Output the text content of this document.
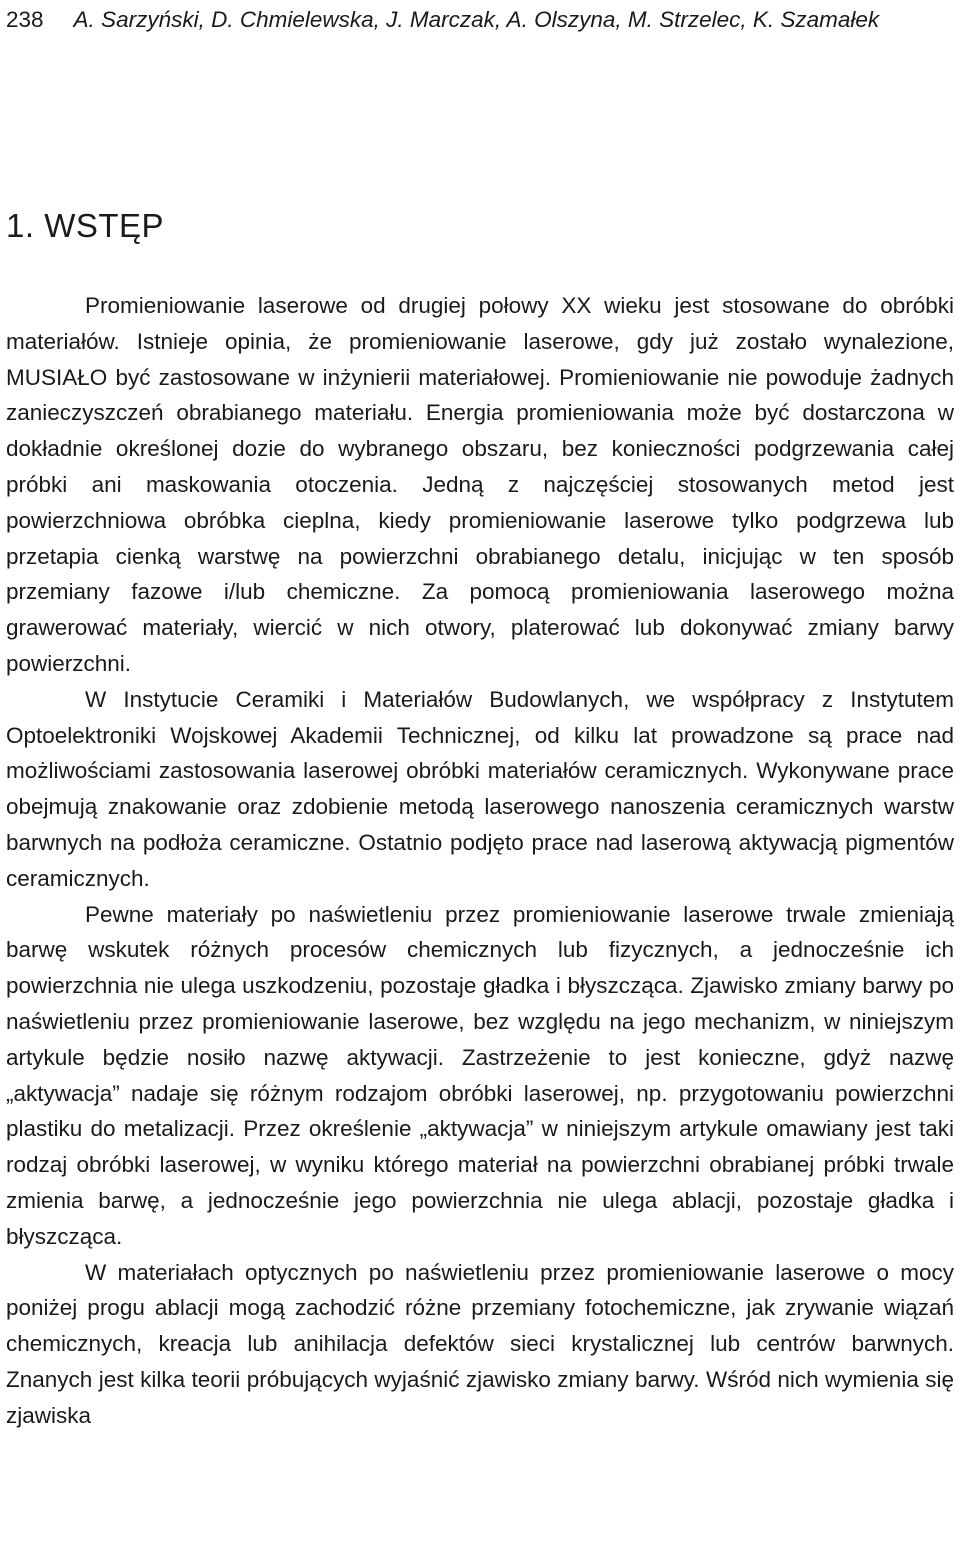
238 A. Sarzyński, D. Chmielewska, J. Marczak, A. Olszyna, M. Strzelec, K. Szamałek
1. WSTĘP

Promieniowanie laserowe od drugiej połowy XX wieku jest stosowane do obróbki materiałów. Istnieje opinia, że promieniowanie laserowe, gdy już zostało wynalezione, MUSIAŁO być zastosowane w inżynierii materiałowej. Promieniowanie nie powoduje żadnych zanieczyszczeń obrabianego materiału. Energia promieniowania może być dostarczona w dokładnie określonej dozie do wybranego obszaru, bez konieczności podgrzewania całej próbki ani maskowania otoczenia. Jedną z najczęściej stosowanych metod jest powierzchniowa obróbka cieplna, kiedy promieniowanie laserowe tylko podgrzewa lub przetapia cienką warstwę na powierzchni obrabianego detalu, inicjując w ten sposób przemiany fazowe i/lub chemiczne. Za pomocą promieniowania laserowego można grawerować materiały, wiercić w nich otwory, platerować lub dokonywać zmiany barwy powierzchni.

W Instytucie Ceramiki i Materiałów Budowlanych, we współpracy z Instytutem Optoelektroniki Wojskowej Akademii Technicznej, od kilku lat prowadzone są prace nad możliwościami zastosowania laserowej obróbki materiałów ceramicznych. Wykonywane prace obejmują znakowanie oraz zdobienie metodą laserowego nanoszenia ceramicznych warstw barwnych na podłoża ceramiczne. Ostatnio podjęto prace nad laserową aktywacją pigmentów ceramicznych.

Pewne materiały po naświetleniu przez promieniowanie laserowe trwale zmieniają barwę wskutek różnych procesów chemicznych lub fizycznych, a jednocześnie ich powierzchnia nie ulega uszkodzeniu, pozostaje gładka i błyszcząca. Zjawisko zmiany barwy po naświetleniu przez promieniowanie laserowe, bez względu na jego mechanizm, w niniejszym artykule będzie nosiło nazwę aktywacji. Zastrzeżenie to jest konieczne, gdyż nazwę „aktywacja” nadaje się różnym rodzajom obróbki laserowej, np. przygotowaniu powierzchni plastiku do metalizacji. Przez określenie „aktywacja” w niniejszym artykule omawiany jest taki rodzaj obróbki laserowej, w wyniku którego materiał na powierzchni obrabianej próbki trwale zmienia barwę, a jednocześnie jego powierzchnia nie ulega ablacji, pozostaje gładka i błyszcząca.

W materiałach optycznych po naświetleniu przez promieniowanie laserowe o mocy poniżej progu ablacji mogą zachodzić różne przemiany fotochemiczne, jak zrywanie wiązań chemicznych, kreacja lub anihilacja defektów sieci krystalicznej lub centrów barwnych. Znanych jest kilka teorii próbujących wyjaśnić zjawisko zmiany barwy. Wśród nich wymienia się zjawiska
